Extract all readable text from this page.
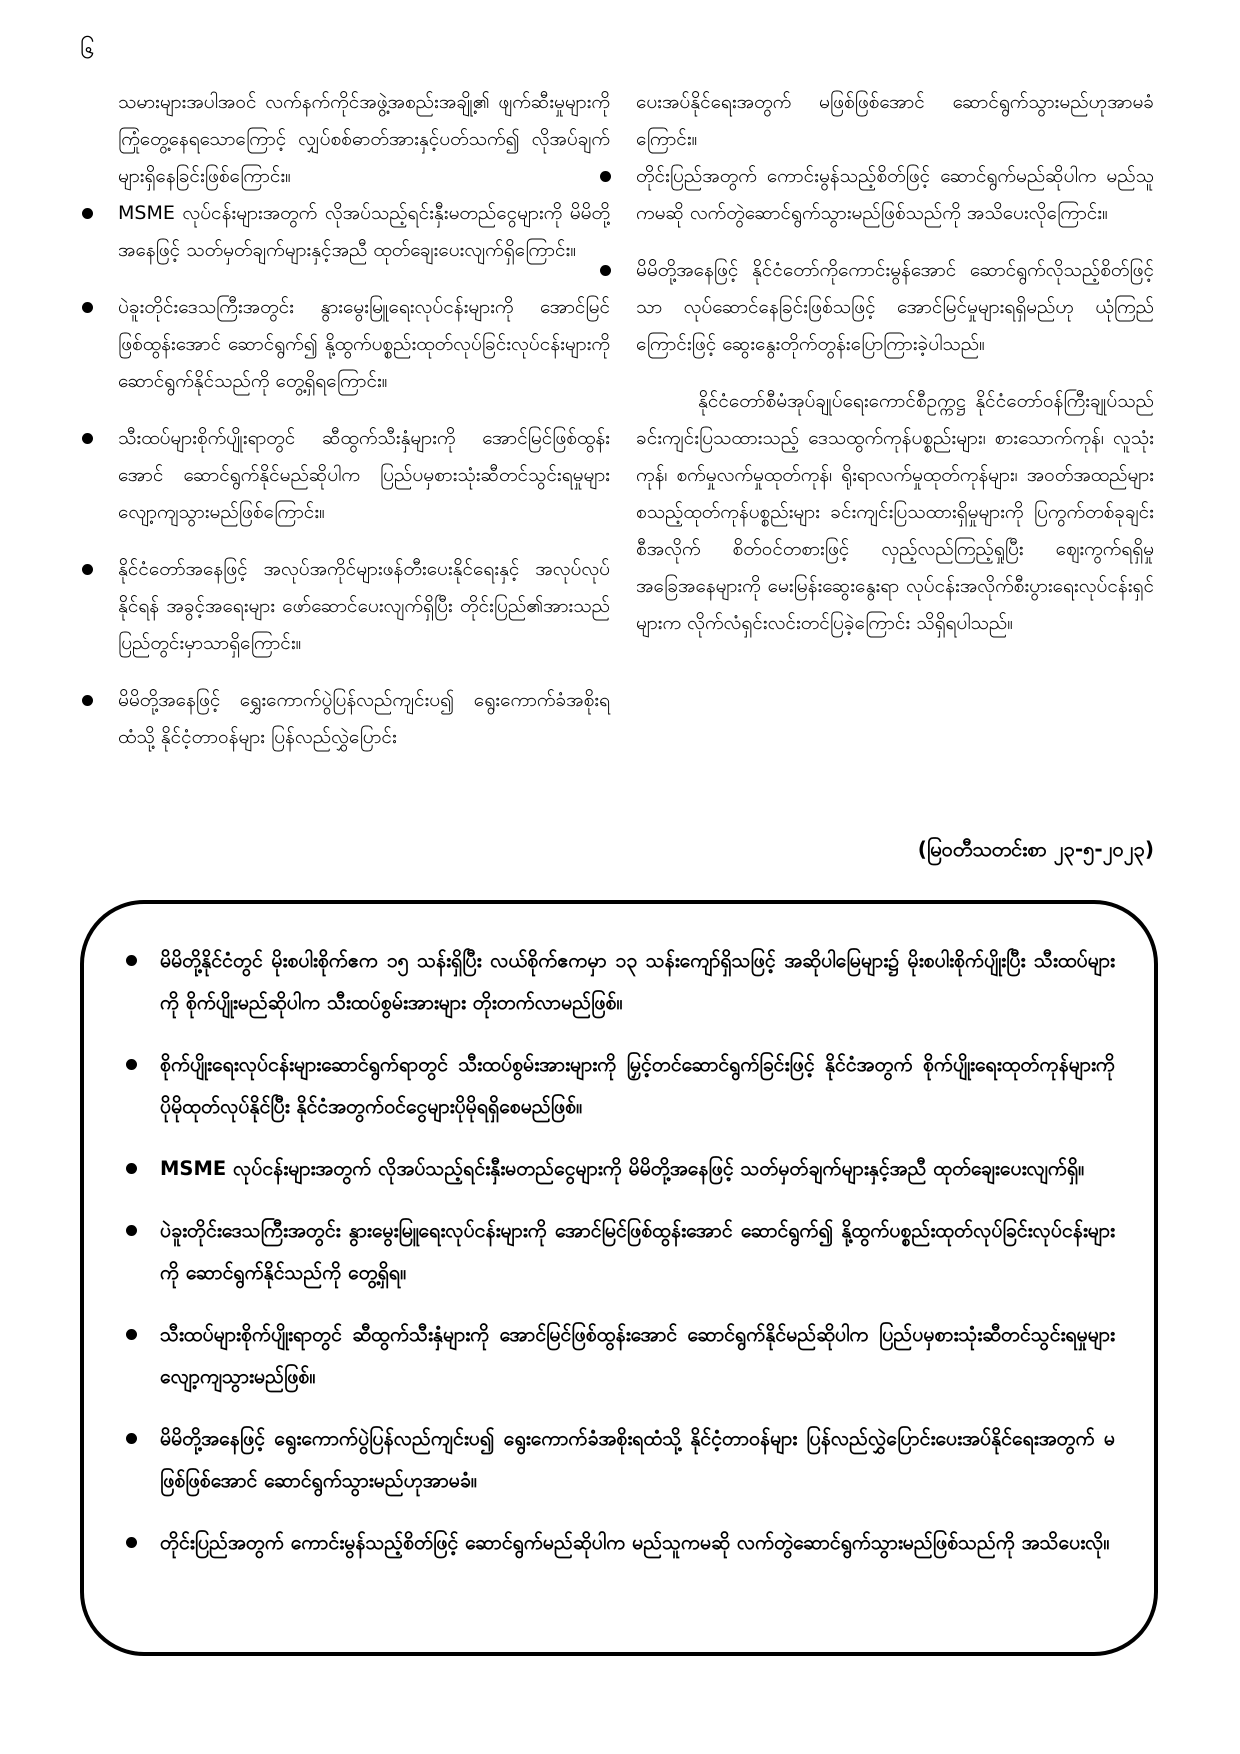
၆

သမားများအပါအဝင် လက်နက်ကိုင်အဖွဲ့အစည်းအချို့၏ ဖျက်ဆီးမှုများကို ကြုံတွေ့နေရသောကြောင့် လျှပ်စစ်ဓာတ်အားနှင့်ပတ်သက်၍ လိုအပ်ချက်များရှိနေခြင်းဖြစ်ကြောင်း။

MSME လုပ်ငန်းများအတွက် လိုအပ်သည့်ရင်းနှီးမတည်ငွေများကို မိမိတို့အနေဖြင့် သတ်မှတ်ချက်များနှင့်အညီ ထုတ်ချေးပေးလျက်ရှိကြောင်း။

ပဲခူးတိုင်းဒေသကြီးအတွင်း နွားမွေးမြူရေးလုပ်ငန်းများကို အောင်မြင်ဖြစ်ထွန်းအောင် ဆောင်ရွက်၍ နို့ထွက်ပစ္စည်းထုတ်လုပ်ခြင်းလုပ်ငန်းများကို ဆောင်ရွက်နိုင်သည်ကို တွေ့ရှိရကြောင်း။

သီးထပ်များစိုက်ပျိုးရာတွင် ဆီထွက်သီးနှံများကို အောင်မြင်ဖြစ်ထွန်းအောင် ဆောင်ရွက်နိုင်မည်ဆိုပါက ပြည်ပမှစားသုံးဆီတင်သွင်းရမှုများ လျော့ကျသွားမည်ဖြစ်ကြောင်း။

နိုင်ငံတော်အနေဖြင့် အလုပ်အကိုင်များဖန်တီးပေးနိုင်ရေးနှင့် အလုပ်လုပ်နိုင်ရန် အခွင့်အရေးများ ဖော်ဆောင်ပေးလျက်ရှိပြီး တိုင်းပြည်၏အားသည် ပြည်တွင်းမှာသာရှိကြောင်း။

မိမိတို့အနေဖြင့် ရွှေးကောက်ပွဲပြန်လည်ကျင်းပ၍ ရွေးကောက်ခံအစိုးရထံသို့ နိုင်ငံ့တာဝန်များ ပြန်လည်လွှဲပြောင်း

ပေးအပ်နိုင်ရေးအတွက် မဖြစ်ဖြစ်အောင် ဆောင်ရွက်သွားမည်ဟုအာမခံကြောင်း။

တိုင်းပြည်အတွက် ကောင်းမွန်သည့်စိတ်ဖြင့် ဆောင်ရွက်မည်ဆိုပါက မည်သူကမဆို လက်တွဲဆောင်ရွက်သွားမည်ဖြစ်သည်ကို အသိပေးလိုကြောင်း။

မိမိတို့အနေဖြင့် နိုင်ငံတော်ကိုကောင်းမွန်အောင် ဆောင်ရွက်လိုသည့်စိတ်ဖြင့်သာ လုပ်ဆောင်နေခြင်းဖြစ်သဖြင့် အောင်မြင်မှုများရရှိမည်ဟု ယုံကြည်ကြောင်းဖြင့် ဆွေးနွေးတိုက်တွန်းပြောကြားခဲ့ပါသည်။

နိုင်ငံတော်စီမံအုပ်ချုပ်ရေးကောင်စီဥက္ကဋ္ဌ နိုင်ငံတော်ဝန်ကြီးချုပ်သည် ခင်းကျင်းပြသထားသည့် ဒေသထွက်ကုန်ပစ္စည်းများ၊ စားသောက်ကုန်၊ လူသုံးကုန်၊ စက်မှုလက်မှုထုတ်ကုန်၊ ရိုးရာလက်မှုထုတ်ကုန်များ၊ အဝတ်အထည်များ စသည့်ထုတ်ကုန်ပစ္စည်းများ ခင်းကျင်းပြသထားရှိမှုများကို ပြကွက်တစ်ခုချင်းစီအလိုက် စိတ်ဝင်တစားဖြင့် လှည့်လည်ကြည့်ရှုပြီး ဈေးကွက်ရရှိမှုအခြေအနေများကို မေးမြန်းဆွေးနွေးရာ လုပ်ငန်းအလိုက်စီးပွားရေးလုပ်ငန်းရှင်များက လိုက်လံရှင်းလင်းတင်ပြခဲ့ကြောင်း သိရှိရပါသည်။

(မြဝတီသတင်းစာ ၂၃-၅-၂၀၂၃)

မိမိတို့နိုင်ငံတွင် မိုးစပါးစိုက်ဧက ၁၅ သန်းရှိပြီး လယ်စိုက်ဧကမှာ ၁၃ သန်းကျော်ရှိသဖြင့် အဆိုပါမြေများ၌ မိုးစပါးစိုက်ပျိုးပြီး သီးထပ်များကို စိုက်ပျိုးမည်ဆိုပါက သီးထပ်စွမ်းအားများ တိုးတက်လာမည်ဖြစ်။

စိုက်ပျိုးရေးလုပ်ငန်းများဆောင်ရွက်ရာတွင် သီးထပ်စွမ်းအားများကို မြှင့်တင်ဆောင်ရွက်ခြင်းဖြင့် နိုင်ငံအတွက် စိုက်ပျိုးရေးထုတ်ကုန်များကို ပိုမိုထုတ်လုပ်နိုင်ပြီး နိုင်ငံအတွက်ဝင်ငွေများပိုမိုရရှိစေမည်ဖြစ်။

MSME လုပ်ငန်းများအတွက် လိုအပ်သည့်ရင်းနှီးမတည်ငွေများကို မိမိတို့အနေဖြင့် သတ်မှတ်ချက်များနှင့်အညီ ထုတ်ချေးပေးလျက်ရှိ။

ပဲခူးတိုင်းဒေသကြီးအတွင်း နွားမွေးမြူရေးလုပ်ငန်းများကို အောင်မြင်ဖြစ်ထွန်းအောင် ဆောင်ရွက်၍ နို့ထွက်ပစ္စည်းထုတ်လုပ်ခြင်းလုပ်ငန်းများကို ဆောင်ရွက်နိုင်သည်ကို တွေ့ရှိရ။

သီးထပ်များစိုက်ပျိုးရာတွင် ဆီထွက်သီးနှံများကို အောင်မြင်ဖြစ်ထွန်းအောင် ဆောင်ရွက်နိုင်မည်ဆိုပါက ပြည်ပမှစားသုံးဆီတင်သွင်းရမှုများ လျော့ကျသွားမည်ဖြစ်။

မိမိတို့အနေဖြင့် ရွေးကောက်ပွဲပြန်လည်ကျင်းပ၍ ရွေးကောက်ခံအစိုးရထံသို့ နိုင်ငံ့တာဝန်များ ပြန်လည်လွှဲပြောင်းပေးအပ်နိုင်ရေးအတွက် မဖြစ်ဖြစ်အောင် ဆောင်ရွက်သွားမည်ဟုအာမခံ။

တိုင်းပြည်အတွက် ကောင်းမွန်သည့်စိတ်ဖြင့် ဆောင်ရွက်မည်ဆိုပါက မည်သူကမဆို လက်တွဲဆောင်ရွက်သွားမည်ဖြစ်သည်ကို အသိပေးလို။
